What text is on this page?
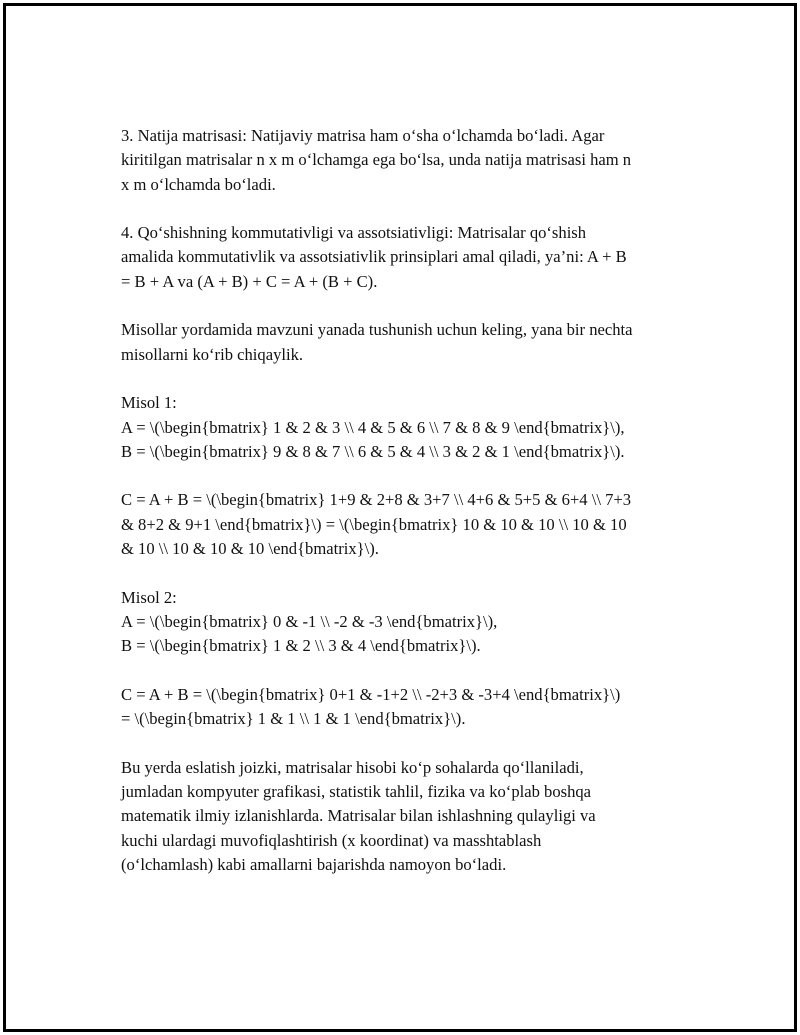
3. Natija matrisasi: Natijaviy matrisa ham o‘sha o‘lchamda bo‘ladi. Agar
kiritilgan matrisalar n x m o‘lchamga ega bo‘lsa, unda natija matrisasi ham n
x m o‘lchamda bo‘ladi.

4. Qo‘shishning kommutativligi va assotsiativligi: Matrisalar qo‘shish
amalida kommutativlik va assotsiativlik prinsiplari amal qiladi, ya’ni: A + B
= B + A va (A + B) + C = A + (B + C).

Misollar yordamida mavzuni yanada tushunish uchun keling, yana bir nechta
misollarni ko‘rib chiqaylik.

Misol 1:
A = \(\begin{bmatrix} 1 & 2 & 3 \\ 4 & 5 & 6 \\ 7 & 8 & 9 \end{bmatrix}\),
B = \(\begin{bmatrix} 9 & 8 & 7 \\ 6 & 5 & 4 \\ 3 & 2 & 1 \end{bmatrix}\).

C = A + B = \(\begin{bmatrix} 1+9 & 2+8 & 3+7 \\ 4+6 & 5+5 & 6+4 \\ 7+3
& 8+2 & 9+1 \end{bmatrix}\) = \(\begin{bmatrix} 10 & 10 & 10 \\ 10 & 10
& 10 \\ 10 & 10 & 10 \end{bmatrix}\).

Misol 2:
A = \(\begin{bmatrix} 0 & -1 \\ -2 & -3 \end{bmatrix}\),
B = \(\begin{bmatrix} 1 & 2 \\ 3 & 4 \end{bmatrix}\).

C = A + B = \(\begin{bmatrix} 0+1 & -1+2 \\ -2+3 & -3+4 \end{bmatrix}\)
= \(\begin{bmatrix} 1 & 1 \\ 1 & 1 \end{bmatrix}\).

Bu yerda eslatish joizki, matrisalar hisobi ko‘p sohalarda qo‘llaniladi,
jumladan kompyuter grafikasi, statistik tahlil, fizika va ko‘plab boshqa
matematik ilmiy izlanishlarda. Matrisalar bilan ishlashning qulayligi va
kuchi ulardagi muvofiqlashtirish (x koordinat) va masshtablash
(o‘lchamlash) kabi amallarni bajarishda namoyon bo‘ladi.
